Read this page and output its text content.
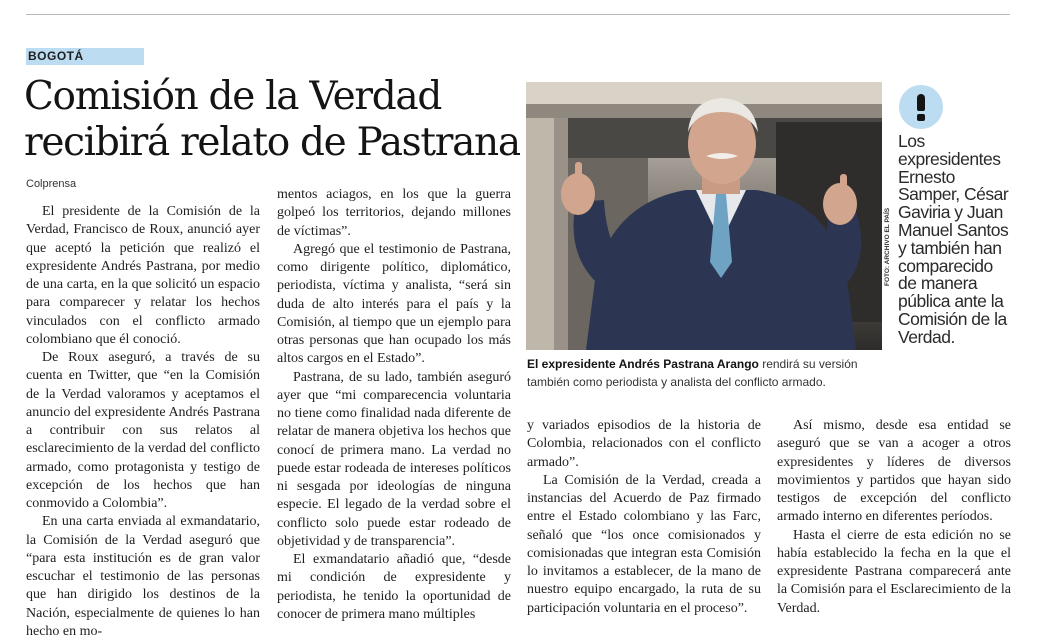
BOGOTÁ
Comisión de la Verdad recibirá relato de Pastrana
Colprensa

El presidente de la Comisión de la Verdad, Francisco de Roux, anunció ayer que aceptó la petición que realizó el expresidente Andrés Pastrana, por medio de una carta, en la que solicitó un espacio para comparecer y relatar los hechos vinculados con el conflicto armado colombiano que él conoció.

De Roux aseguró, a través de su cuenta en Twitter, que “en la Comisión de la Verdad valoramos y aceptamos el anuncio del expresidente Andrés Pastrana a contribuir con sus relatos al esclarecimiento de la verdad del conflicto armado, como protagonista y testigo de excepción de los hechos que han conmovido a Colombia”.

En una carta enviada al exmandatario, la Comisión de la Verdad aseguró que “para esta institución es de gran valor escuchar el testimonio de las personas que han dirigido los destinos de la Nación, especialmente de quienes lo han hecho en mo-

mentos aciagos, en los que la guerra golpeó los territorios, dejando millones de víctimas”.

Agregó que el testimonio de Pastrana, como dirigente político, diplomático, periodista, víctima y analista, “será sin duda de alto interés para el país y la Comisión, al tiempo que un ejemplo para otras personas que han ocupado los más altos cargos en el Estado”.

Pastrana, de su lado, también aseguró ayer que “mi comparecencia voluntaria no tiene como finalidad nada diferente de relatar de manera objetiva los hechos que conocí de primera mano. La verdad no puede estar rodeada de intereses políticos ni sesgada por ideologías de ninguna especie. El legado de la verdad sobre el conflicto solo puede estar rodeado de objetividad y de transparencia”.

El exmandatario añadió que, “desde mi condición de expresidente y periodista, he tenido la oportunidad de conocer de primera mano múltiples

FOTO: ARCHIVO EL PAÍS
El expresidente Andrés Pastrana Arango rendirá su versión también como periodista y analista del conflicto armado.
Los expresidentes Ernesto Samper, César Gaviria y Juan Manuel Santos y también han comparecido de manera pública ante la Comisión de la Verdad.

y variados episodios de la historia de Colombia, relacionados con el conflicto armado”.

La Comisión de la Verdad, creada a instancias del Acuerdo de Paz firmado entre el Estado colombiano y las Farc, señaló que “los once comisionados y comisionadas que integran esta Comisión lo invitamos a establecer, de la mano de nuestro equipo encargado, la ruta de su participación voluntaria en el proceso”.

Así mismo, desde esa entidad se aseguró que se van a acoger a otros expresidentes y líderes de diversos movimientos y partidos que hayan sido testigos de excepción del conflicto armado interno en diferentes períodos.

Hasta el cierre de esta edición no se había establecido la fecha en la que el expresidente Pastrana comparecerá ante la Comisión para el Esclarecimiento de la Verdad.
